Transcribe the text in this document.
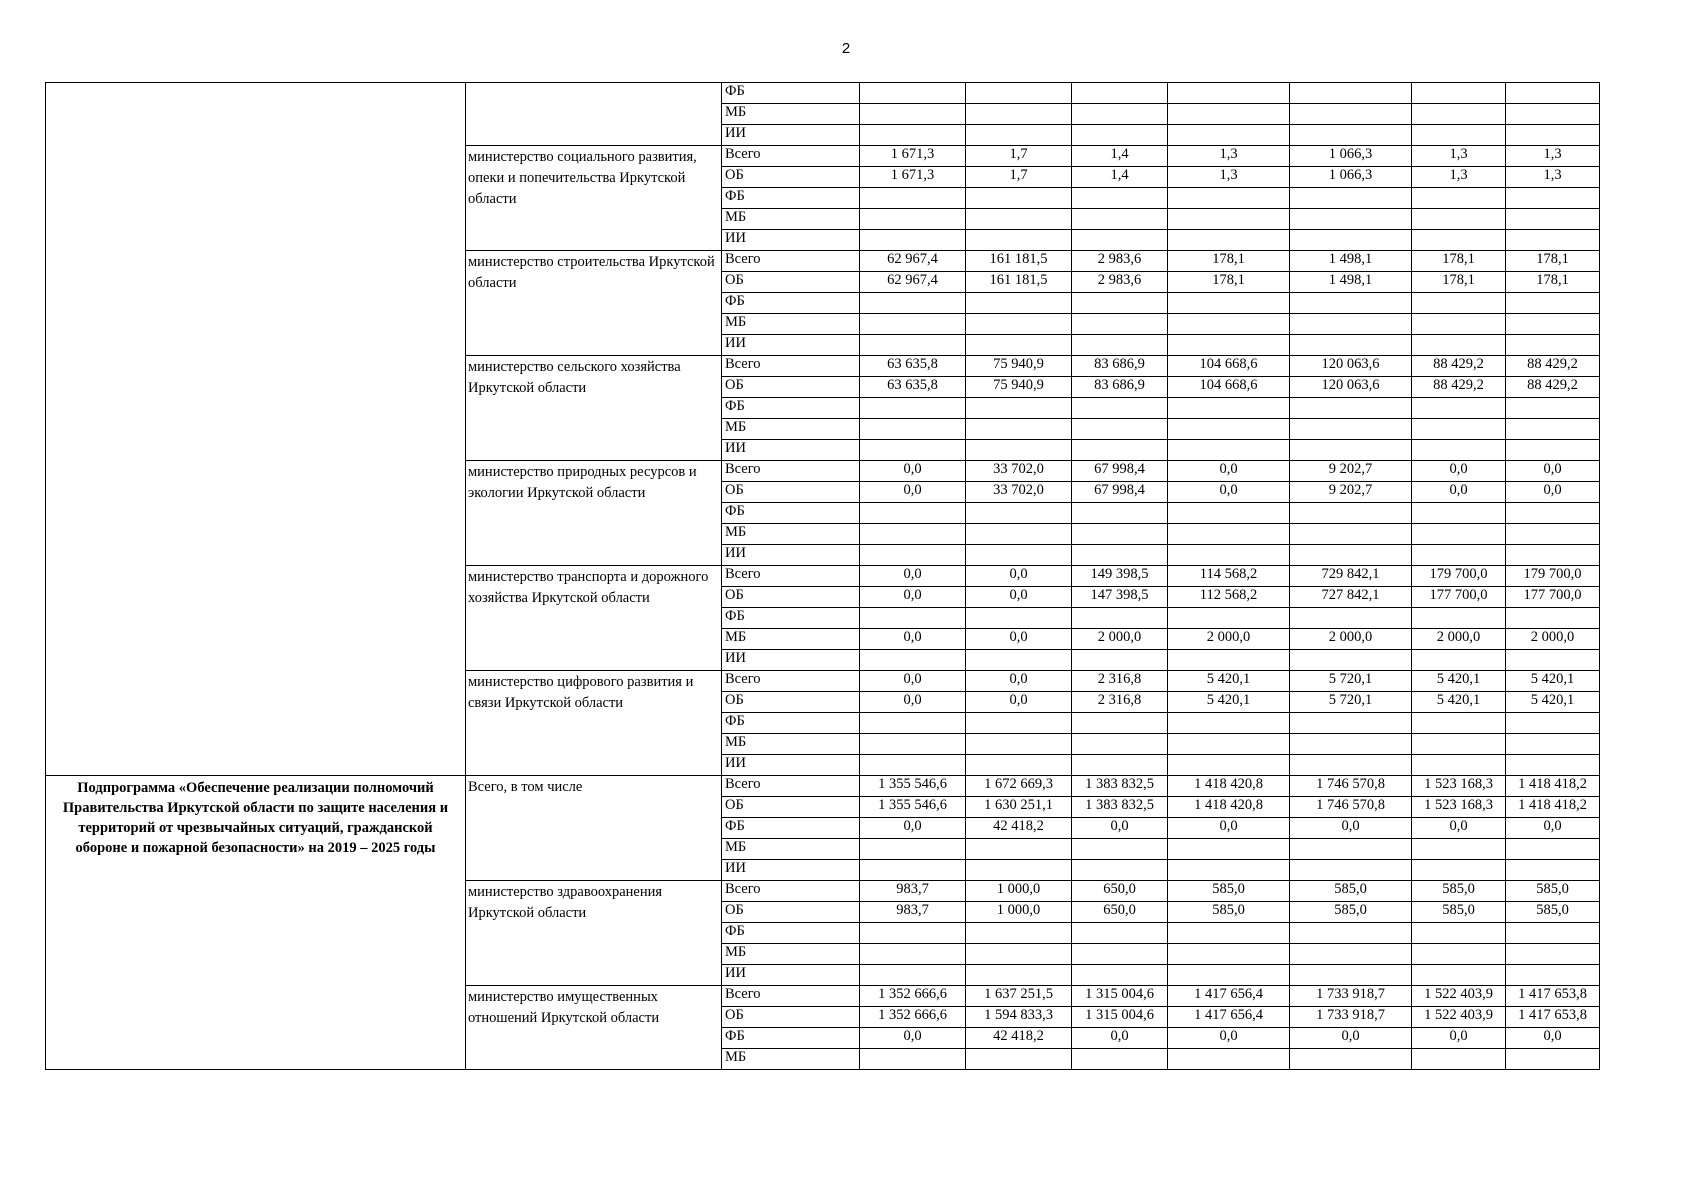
2
		ФБ							
		МБ							
		ИИ							
	министерство социального развития, опеки и попечительства Иркутской области	Всего	1 671,3	1,7	1,4	1,3	1 066,3	1,3	1,3
		ОБ	1 671,3	1,7	1,4	1,3	1 066,3	1,3	1,3
		ФБ							
		МБ							
		ИИ							
	министерство строительства Иркутской области	Всего	62 967,4	161 181,5	2 983,6	178,1	1 498,1	178,1	178,1
		ОБ	62 967,4	161 181,5	2 983,6	178,1	1 498,1	178,1	178,1
		ФБ							
		МБ							
		ИИ							
	министерство сельского хозяйства Иркутской области	Всего	63 635,8	75 940,9	83 686,9	104 668,6	120 063,6	88 429,2	88 429,2
		ОБ	63 635,8	75 940,9	83 686,9	104 668,6	120 063,6	88 429,2	88 429,2
		ФБ							
		МБ							
		ИИ							
	министерство природных ресурсов и экологии Иркутской области	Всего	0,0	33 702,0	67 998,4	0,0	9 202,7	0,0	0,0
		ОБ	0,0	33 702,0	67 998,4	0,0	9 202,7	0,0	0,0
		ФБ							
		МБ							
		ИИ							
	министерство транспорта и дорожного хозяйства Иркутской области	Всего	0,0	0,0	149 398,5	114 568,2	729 842,1	179 700,0	179 700,0
		ОБ	0,0	0,0	147 398,5	112 568,2	727 842,1	177 700,0	177 700,0
		ФБ							
		МБ	0,0	0,0	2 000,0	2 000,0	2 000,0	2 000,0	2 000,0
		ИИ							
	министерство цифрового развития и связи Иркутской области	Всего	0,0	0,0	2 316,8	5 420,1	5 720,1	5 420,1	5 420,1
		ОБ	0,0	0,0	2 316,8	5 420,1	5 720,1	5 420,1	5 420,1
		ФБ							
		МБ							
		ИИ							
Подпрограмма «Обеспечение реализации полномочий Правительства Иркутской области по защите населения и территорий от чрезвычайных ситуаций, гражданской обороне и пожарной безопасности» на 2019 – 2025 годы	Всего, в том числе	Всего	1 355 546,6	1 672 669,3	1 383 832,5	1 418 420,8	1 746 570,8	1 523 168,3	1 418 418,2
		ОБ	1 355 546,6	1 630 251,1	1 383 832,5	1 418 420,8	1 746 570,8	1 523 168,3	1 418 418,2
		ФБ	0,0	42 418,2	0,0	0,0	0,0	0,0	0,0
		МБ							
		ИИ							
	министерство здравоохранения Иркутской области	Всего	983,7	1 000,0	650,0	585,0	585,0	585,0	585,0
		ОБ	983,7	1 000,0	650,0	585,0	585,0	585,0	585,0
		ФБ							
		МБ							
		ИИ							
	министерство имущественных отношений Иркутской области	Всего	1 352 666,6	1 637 251,5	1 315 004,6	1 417 656,4	1 733 918,7	1 522 403,9	1 417 653,8
		ОБ	1 352 666,6	1 594 833,3	1 315 004,6	1 417 656,4	1 733 918,7	1 522 403,9	1 417 653,8
		ФБ	0,0	42 418,2	0,0	0,0	0,0	0,0	0,0
		МБ							
